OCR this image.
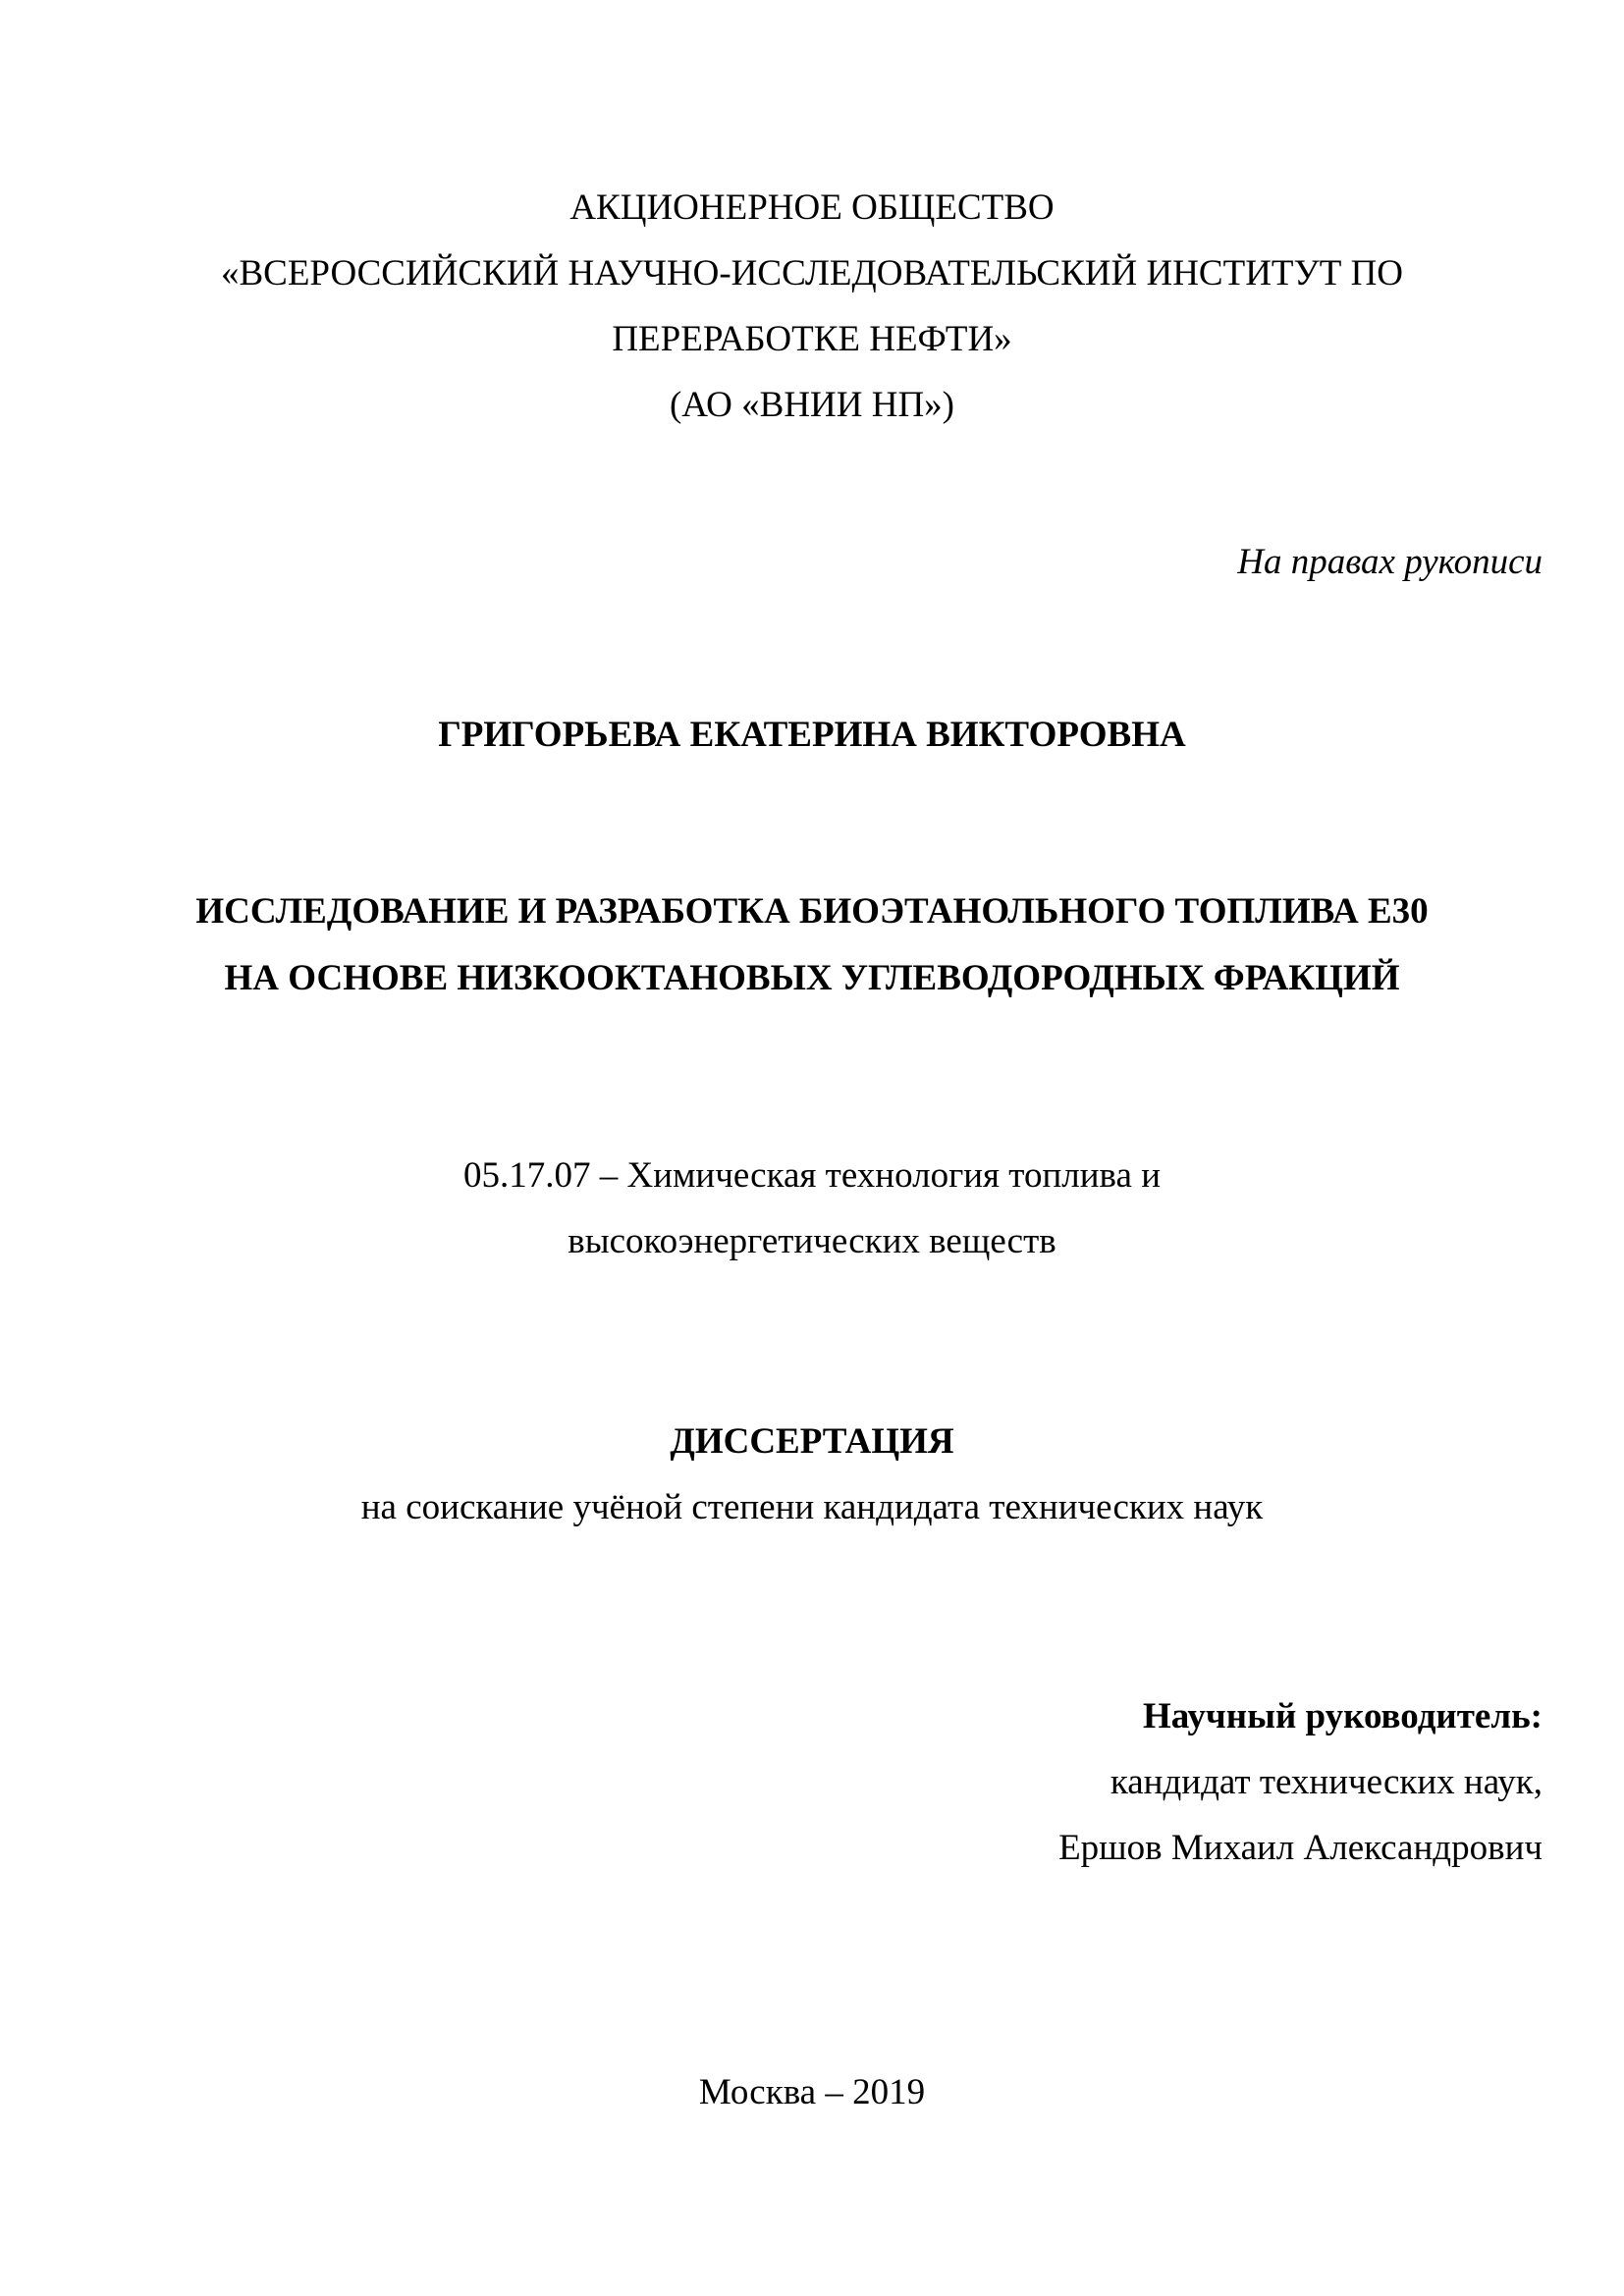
АКЦИОНЕРНОЕ ОБЩЕСТВО
«ВСЕРОССИЙСКИЙ НАУЧНО-ИССЛЕДОВАТЕЛЬСКИЙ ИНСТИТУТ ПО
ПЕРЕРАБОТКЕ НЕФТИ»
(АО «ВНИИ НП»)
На правах рукописи
ГРИГОРЬЕВА ЕКАТЕРИНА ВИКТОРОВНА
ИССЛЕДОВАНИЕ И РАЗРАБОТКА БИОЭТАНОЛЬНОГО ТОПЛИВА Е30
НА ОСНОВЕ НИЗКООКТАНОВЫХ УГЛЕВОДОРОДНЫХ ФРАКЦИЙ
05.17.07 – Химическая технология топлива и
высокоэнергетических веществ
ДИССЕРТАЦИЯ
на соискание учёной степени кандидата технических наук
Научный руководитель:
кандидат технических наук,
Ершов Михаил Александрович
Москва – 2019
